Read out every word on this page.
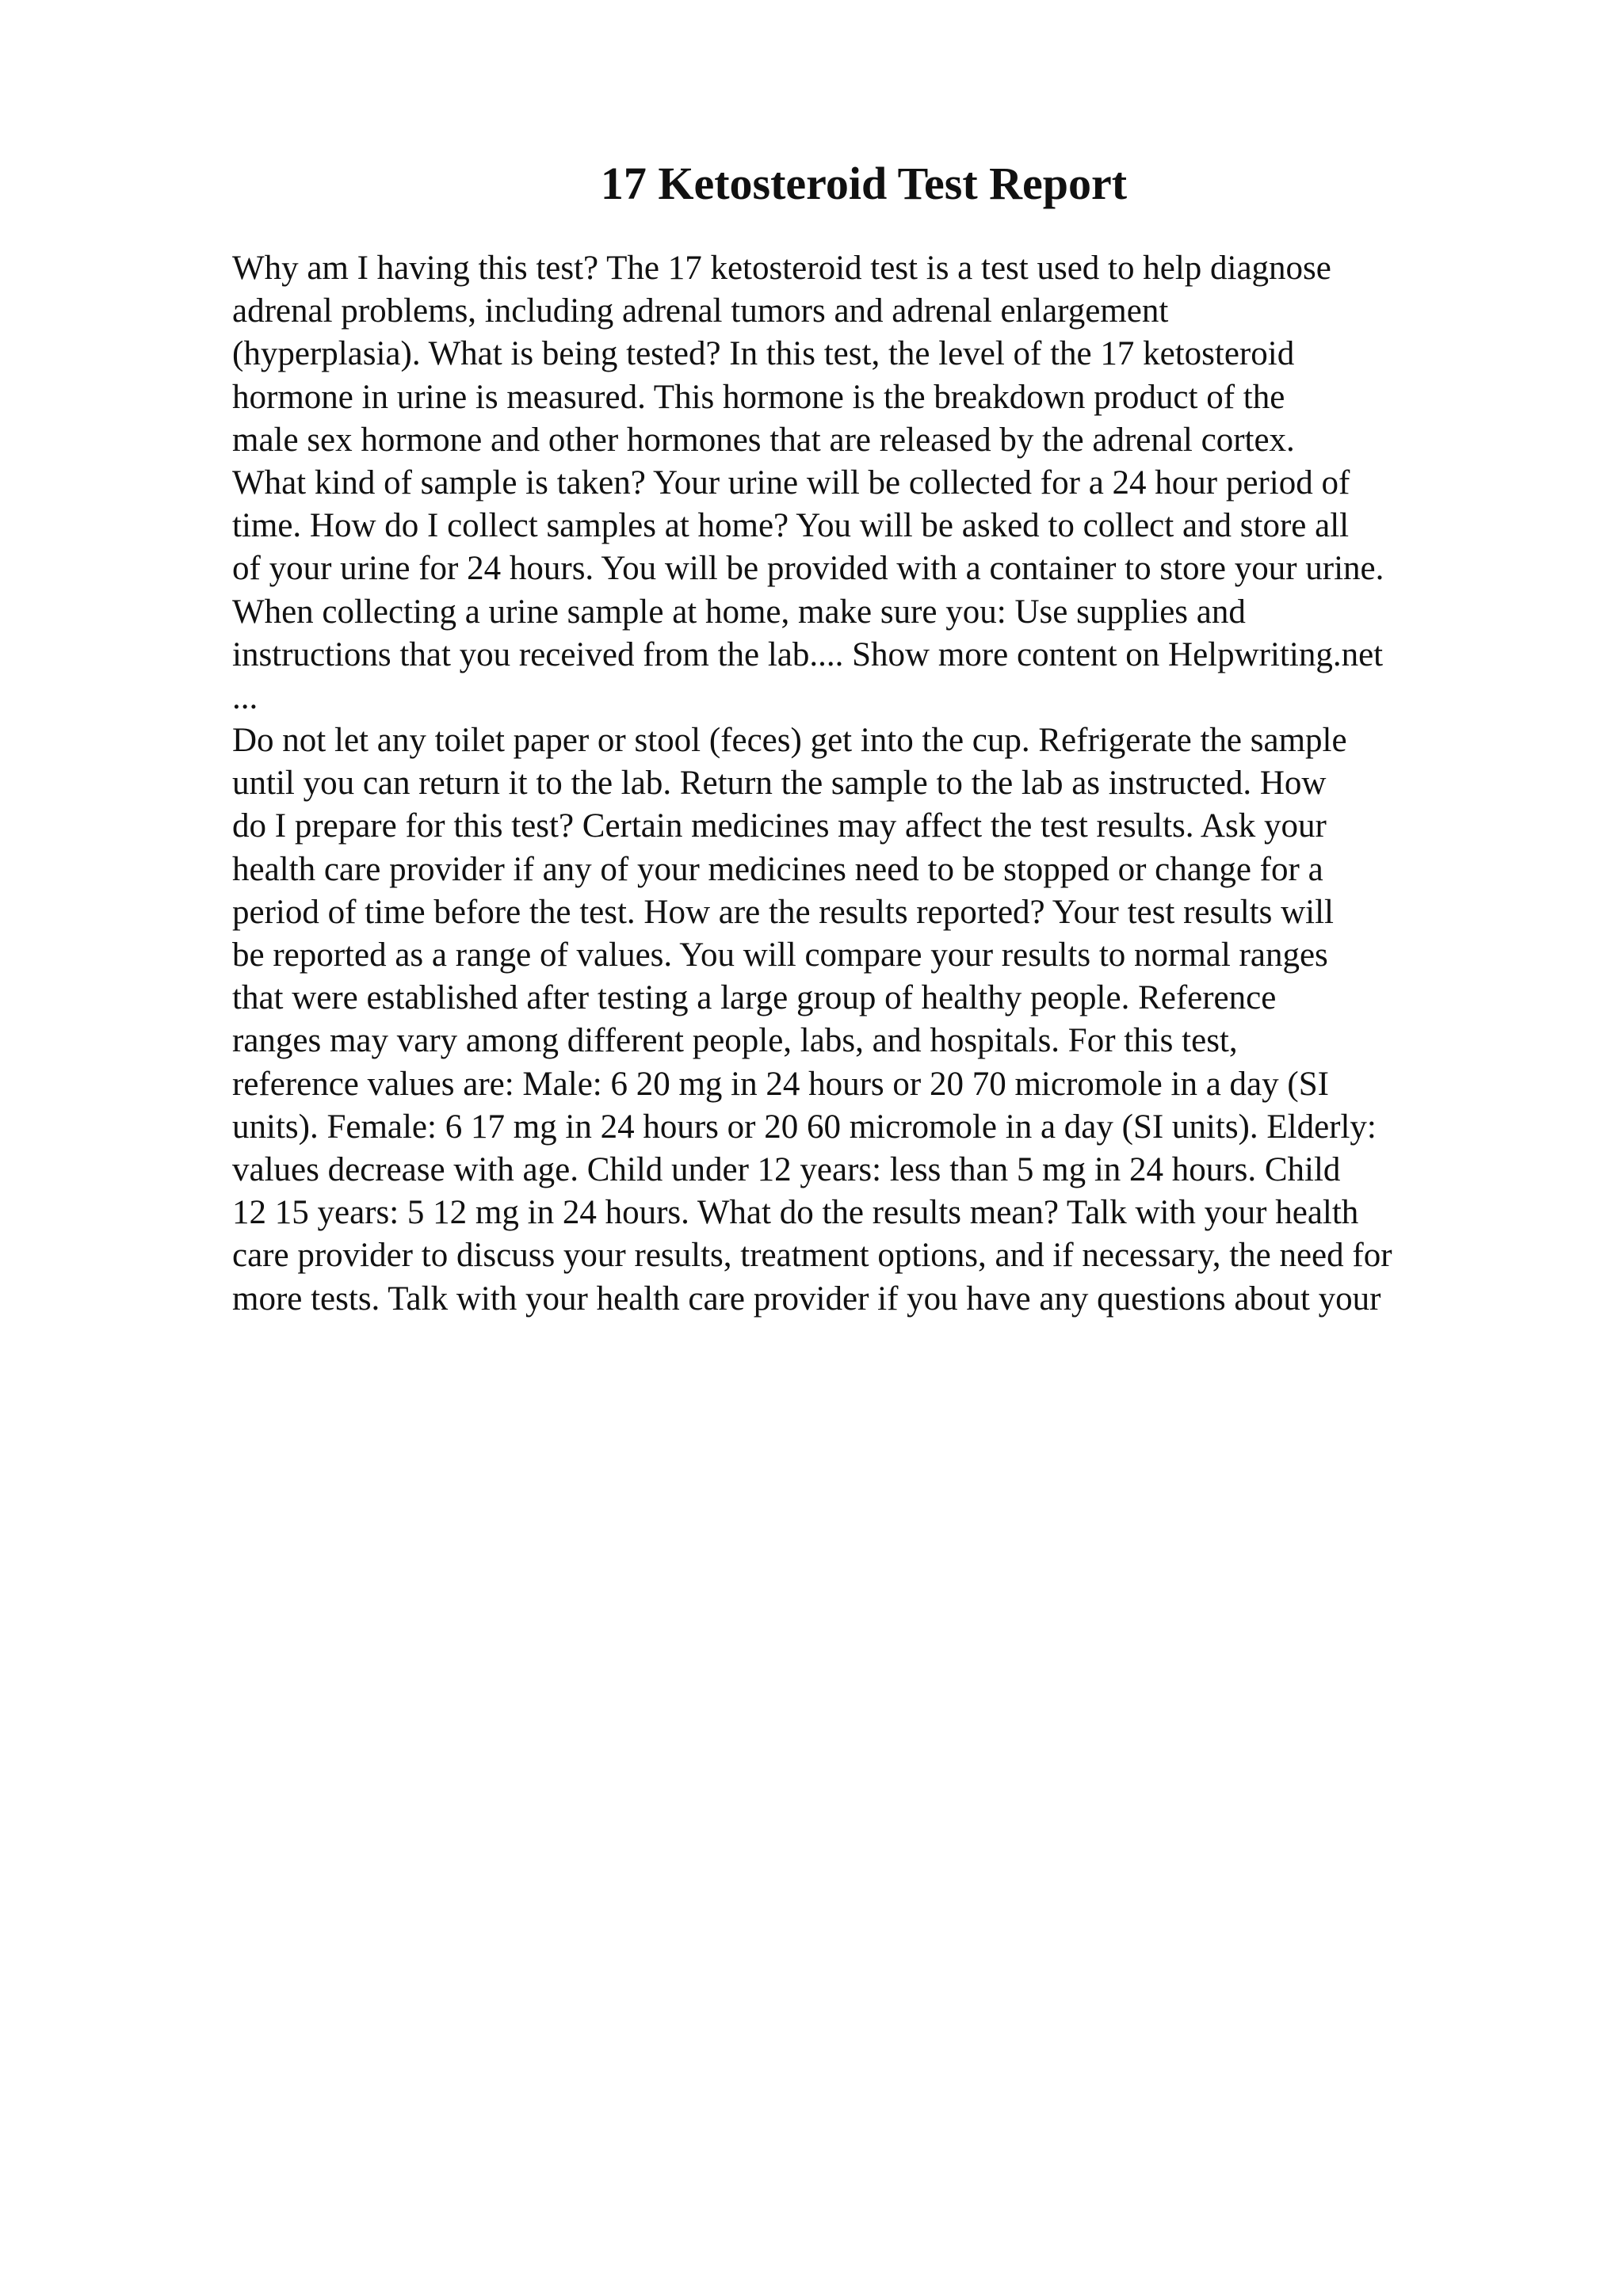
17 Ketosteroid Test Report
Why am I having this test? The 17 ketosteroid test is a test used to help diagnose
adrenal problems, including adrenal tumors and adrenal enlargement
(hyperplasia). What is being tested? In this test, the level of the 17 ketosteroid
hormone in urine is measured. This hormone is the breakdown product of the
male sex hormone and other hormones that are released by the adrenal cortex.
What kind of sample is taken? Your urine will be collected for a 24 hour period of
time. How do I collect samples at home? You will be asked to collect and store all
of your urine for 24 hours. You will be provided with a container to store your urine.
When collecting a urine sample at home, make sure you: Use supplies and
instructions that you received from the lab.... Show more content on Helpwriting.net
...
Do not let any toilet paper or stool (feces) get into the cup. Refrigerate the sample
until you can return it to the lab. Return the sample to the lab as instructed. How
do I prepare for this test? Certain medicines may affect the test results. Ask your
health care provider if any of your medicines need to be stopped or change for a
period of time before the test. How are the results reported? Your test results will
be reported as a range of values. You will compare your results to normal ranges
that were established after testing a large group of healthy people. Reference
ranges may vary among different people, labs, and hospitals. For this test,
reference values are: Male: 6 20 mg in 24 hours or 20 70 micromole in a day (SI
units). Female: 6 17 mg in 24 hours or 20 60 micromole in a day (SI units). Elderly:
values decrease with age. Child under 12 years: less than 5 mg in 24 hours. Child
12 15 years: 5 12 mg in 24 hours. What do the results mean? Talk with your health
care provider to discuss your results, treatment options, and if necessary, the need for
more tests. Talk with your health care provider if you have any questions about your
